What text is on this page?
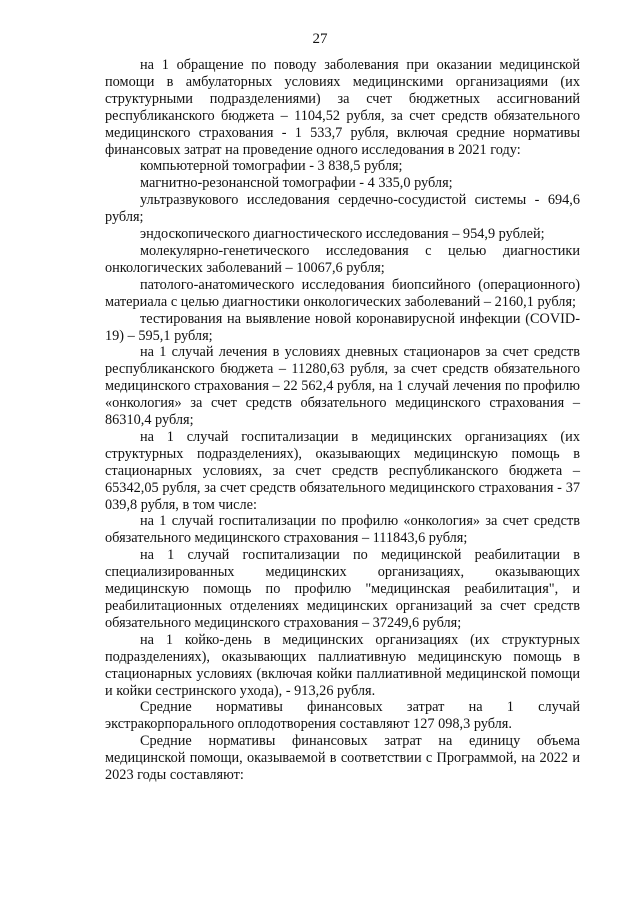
27

на 1 обращение по поводу заболевания при оказании медицинской помощи в амбулаторных условиях медицинскими организациями (их структурными подразделениями) за счет бюджетных ассигнований республиканского бюджета – 1104,52 рубля, за счет средств обязательного медицинского страхования - 1 533,7 рубля, включая средние нормативы финансовых затрат на проведение одного исследования в 2021 году:

компьютерной томографии - 3 838,5 рубля;

магнитно-резонансной томографии - 4 335,0 рубля;

ультразвукового исследования сердечно-сосудистой системы - 694,6 рубля;

эндоскопического диагностического исследования – 954,9 рублей;

молекулярно-генетического исследования с целью диагностики онкологических заболеваний – 10067,6 рубля;

патолого-анатомического исследования биопсийного (операционного) материала с целью диагностики онкологических заболеваний – 2160,1 рубля;

тестирования на выявление новой коронавирусной инфекции (COVID-19) – 595,1 рубля;

на 1 случай лечения в условиях дневных стационаров за счет средств республиканского бюджета – 11280,63 рубля, за счет средств обязательного медицинского страхования – 22 562,4 рубля, на 1 случай лечения по профилю «онкология» за счет средств обязательного медицинского страхования – 86310,4 рубля;

на 1 случай госпитализации в медицинских организациях (их структурных подразделениях), оказывающих медицинскую помощь в стационарных условиях, за счет средств республиканского бюджета – 65342,05 рубля, за счет средств обязательного медицинского страхования - 37 039,8 рубля, в том числе:

на 1 случай госпитализации по профилю «онкология» за счет средств обязательного медицинского страхования – 111843,6 рубля;

на 1 случай госпитализации по медицинской реабилитации в специализированных медицинских организациях, оказывающих медицинскую помощь по профилю "медицинская реабилитация", и реабилитационных отделениях медицинских организаций за счет средств обязательного медицинского страхования – 37249,6 рубля;

на 1 койко-день в медицинских организациях (их структурных подразделениях), оказывающих паллиативную медицинскую помощь в стационарных условиях (включая койки паллиативной медицинской помощи и койки сестринского ухода), - 913,26 рубля.

Средние нормативы финансовых затрат на 1 случай экстракорпорального оплодотворения составляют 127 098,3 рубля.

Средние нормативы финансовых затрат на единицу объема медицинской помощи, оказываемой в соответствии с Программой, на 2022 и 2023 годы составляют:
